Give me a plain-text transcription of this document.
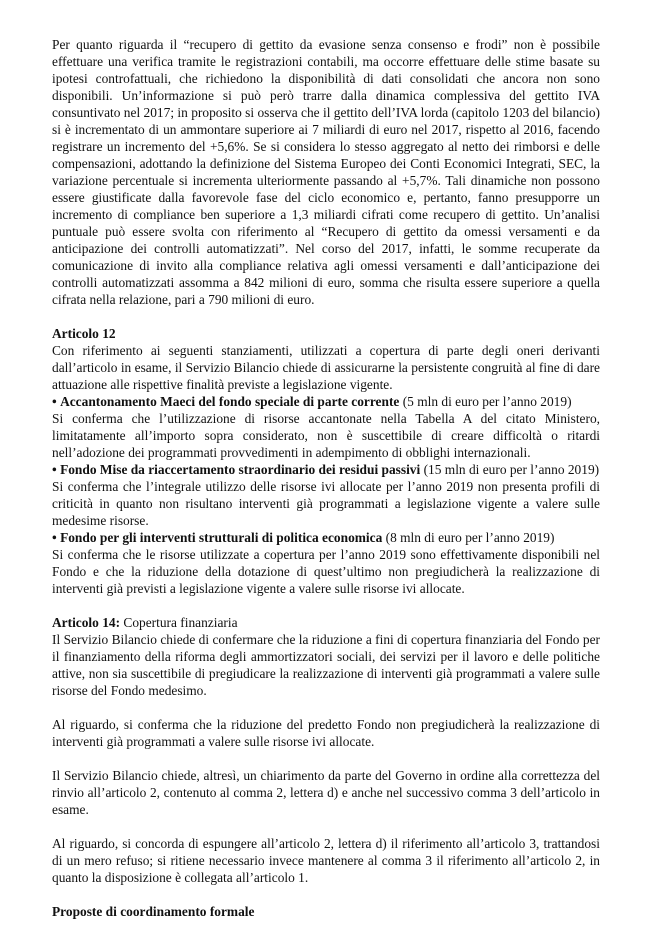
Per quanto riguarda il “recupero di gettito da evasione senza consenso e frodi” non è possibile effettuare una verifica tramite le registrazioni contabili, ma occorre effettuare delle stime basate su ipotesi controfattuali, che richiedono la disponibilità di dati consolidati che ancora non sono disponibili. Un’informazione si può però trarre dalla dinamica complessiva del gettito IVA consuntivato nel 2017; in proposito si osserva che il gettito dell’IVA lorda (capitolo 1203 del bilancio) si è incrementato di un ammontare superiore ai 7 miliardi di euro nel 2017, rispetto al 2016, facendo registrare un incremento del +5,6%. Se si considera lo stesso aggregato al netto dei rimborsi e delle compensazioni, adottando la definizione del Sistema Europeo dei Conti Economici Integrati, SEC, la variazione percentuale si incrementa ulteriormente passando al +5,7%. Tali dinamiche non possono essere giustificate dalla favorevole fase del ciclo economico e, pertanto, fanno presupporre un incremento di compliance ben superiore a 1,3 miliardi cifrati come recupero di gettito. Un’analisi puntuale può essere svolta con riferimento al “Recupero di gettito da omessi versamenti e da anticipazione dei controlli automatizzati”. Nel corso del 2017, infatti, le somme recuperate da comunicazione di invito alla compliance relativa agli omessi versamenti e dall’anticipazione dei controlli automatizzati assomma a 842 milioni di euro, somma che risulta essere superiore a quella cifrata nella relazione, pari a 790 milioni di euro.

Articolo 12

Con riferimento ai seguenti stanziamenti, utilizzati a copertura di parte degli oneri derivanti dall’articolo in esame, il Servizio Bilancio chiede di assicurarne la persistente congruità al fine di dare attuazione alle rispettive finalità previste a legislazione vigente.

• Accantonamento Maeci del fondo speciale di parte corrente (5 mln di euro per l’anno 2019)

Si conferma che l’utilizzazione di risorse accantonate nella Tabella A del citato Ministero, limitatamente all’importo sopra considerato, non è suscettibile di creare difficoltà o ritardi nell’adozione dei programmati provvedimenti in adempimento di obblighi internazionali.

• Fondo Mise da riaccertamento straordinario dei residui passivi (15 mln di euro per l’anno 2019)

Si conferma che l’integrale utilizzo delle risorse ivi allocate per l’anno 2019 non presenta profili di criticità in quanto non risultano interventi già programmati a legislazione vigente a valere sulle medesime risorse.

• Fondo per gli interventi strutturali di politica economica (8 mln di euro per l’anno 2019)

Si conferma che le risorse utilizzate a copertura per l’anno 2019 sono effettivamente disponibili nel Fondo e che la riduzione della dotazione di quest’ultimo non pregiudicherà la realizzazione di interventi già previsti a legislazione vigente a valere sulle risorse ivi allocate.

Articolo 14: Copertura finanziaria

Il Servizio Bilancio chiede di confermare che la riduzione a fini di copertura finanziaria del Fondo per il finanziamento della riforma degli ammortizzatori sociali, dei servizi per il lavoro e delle politiche attive, non sia suscettibile di pregiudicare la realizzazione di interventi già programmati a valere sulle risorse del Fondo medesimo.

Al riguardo, si conferma che la riduzione del predetto Fondo non pregiudicherà la realizzazione di interventi già programmati a valere sulle risorse ivi allocate.

Il Servizio Bilancio chiede, altresì, un chiarimento da parte del Governo in ordine alla correttezza del rinvio all’articolo 2, contenuto al comma 2, lettera d) e anche nel successivo comma 3 dell’articolo in esame.

Al riguardo, si concorda di espungere all’articolo 2, lettera d) il riferimento all’articolo 3, trattandosi di un mero refuso; si ritiene necessario invece mantenere al comma 3 il riferimento all’articolo 2, in quanto la disposizione è collegata all’articolo 1.

Proposte di coordinamento formale
